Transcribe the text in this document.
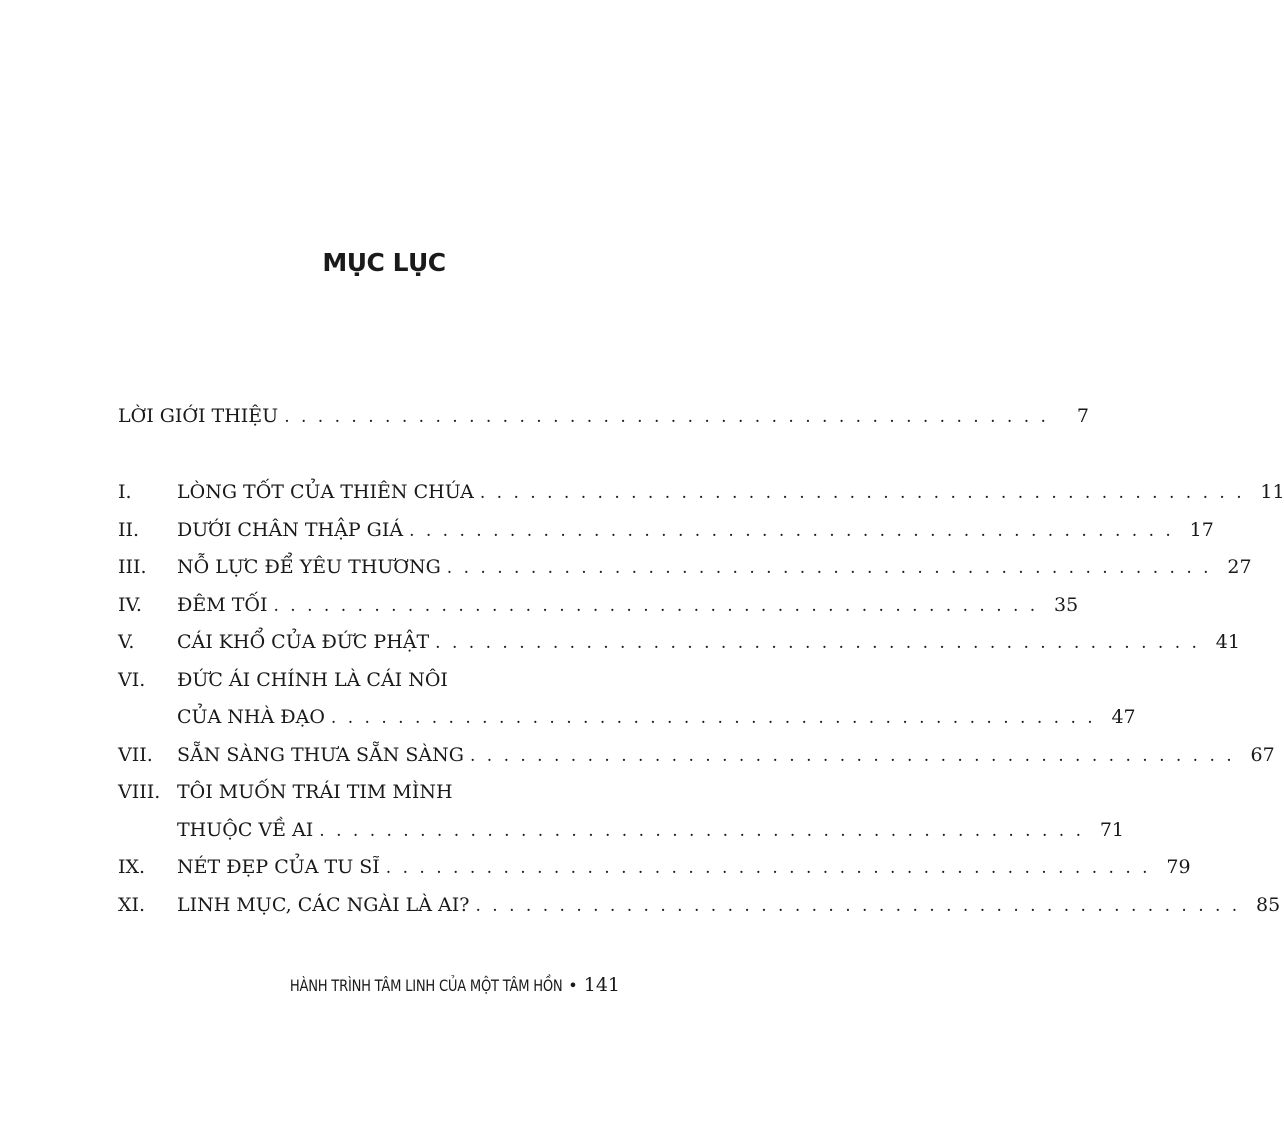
MỤC LỤC
LỜI GIỚI THIỆU . . . . . . . . . . . . . . . . . . . . . . . . . . . . . . . . . . . . . . . . . . . . . .	7
I.	LÒNG TỐT CỦA THIÊN CHÚA . . . . . . . . . . . . . . . . . . . . . . . . . . . . . . . . . . . . . . . . . . . . . . 11
II.	DƯỚI CHÂN THẬP GIÁ . . . . . . . . . . . . . . . . . . . . . . . . . . . . . . . . . . . . . . . . . . . . . . 17
III.	NỖ LỰC ĐỂ YÊU THƯƠNG . . . . . . . . . . . . . . . . . . . . . . . . . . . . . . . . . . . . . . . . . . . . . . 27
IV.	ĐÊM TỐI . . . . . . . . . . . . . . . . . . . . . . . . . . . . . . . . . . . . . . . . . . . . . . 35
V.	CÁI KHỔ CỦA ĐỨC PHẬT . . . . . . . . . . . . . . . . . . . . . . . . . . . . . . . . . . . . . . . . . . . . . . 41
VI.	ĐỨC ÁI CHÍNH LÀ CÁI NÔI
CỦA NHÀ ĐẠO . . . . . . . . . . . . . . . . . . . . . . . . . . . . . . . . . . . . . . . . . . . . . . 47
VII.	SẴN SÀNG THƯA SẴN SÀNG . . . . . . . . . . . . . . . . . . . . . . . . . . . . . . . . . . . . . . . . . . . . . . 67
VIII. TÔI MUỐN TRÁI TIM MÌNH
THUỘC VỀ AI . . . . . . . . . . . . . . . . . . . . . . . . . . . . . . . . . . . . . . . . . . . . . . 71
IX.	NÉT ĐẸP CỦA TU SĨ . . . . . . . . . . . . . . . . . . . . . . . . . . . . . . . . . . . . . . . . . . . . . . 79
XI.	LINH MỤC, CÁC NGÀI LÀ AI? . . . . . . . . . . . . . . . . . . . . . . . . . . . . . . . . . . . . . . . . . . . . . . 85
HÀNH TRÌNH TÂM LINH CỦA MỘT TÂM HỒN • 141
